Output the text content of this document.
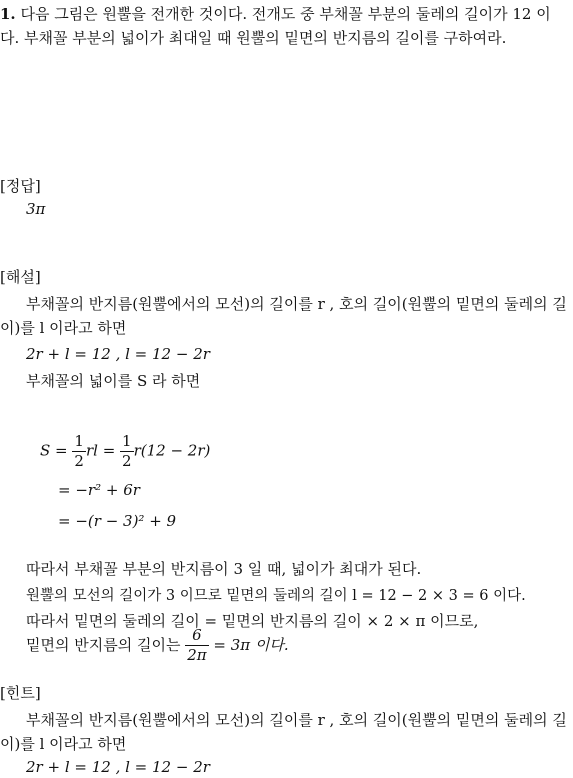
1. 다음 그림은 원뿔을 전개한 것이다. 전개도 중 부채꼴 부분의 둘레의 길이가 12 이다. 부채꼴 부분의 넓이가 최대일 때 원뿔의 밑면의 반지름의 길이를 구하여라.
[정답]
3π
[해설]
부채꼴의 반지름(원뿔에서의 모선)의 길이를 r , 호의 길이(원뿔의 밑면의 둘레의 길이)를 l 이라고 하면
2r + l = 12 , l = 12 − 2r
부채꼴의 넓이를 S 라 하면
$S = \frac{1}{2}$ rl = $\frac{1}{2} r(12 - 2r)$
= −r² + 6r
= −(r − 3)² + 9
따라서 부채꼴 부분의 반지름이 3 일 때, 넓이가 최대가 된다.
원뿔의 모선의 길이가 3 이므로 밑면의 둘레의 길이 l = 12 − 2 × 3 = 6 이다.
따라서 밑면의 둘레의 길이 = 밑면의 반지름의 길이 × 2 × π 이므로,
밑면의 반지름의 길이는 $\frac{6}{2\pi} = 3\pi$ 이다.
[힌트]
부채꼴의 반지름(원뿔에서의 모선)의 길이를 r , 호의 길이(원뿔의 밑면의 둘레의 길이)를 l 이라고 하면
2r + l = 12 , l = 12 − 2r
